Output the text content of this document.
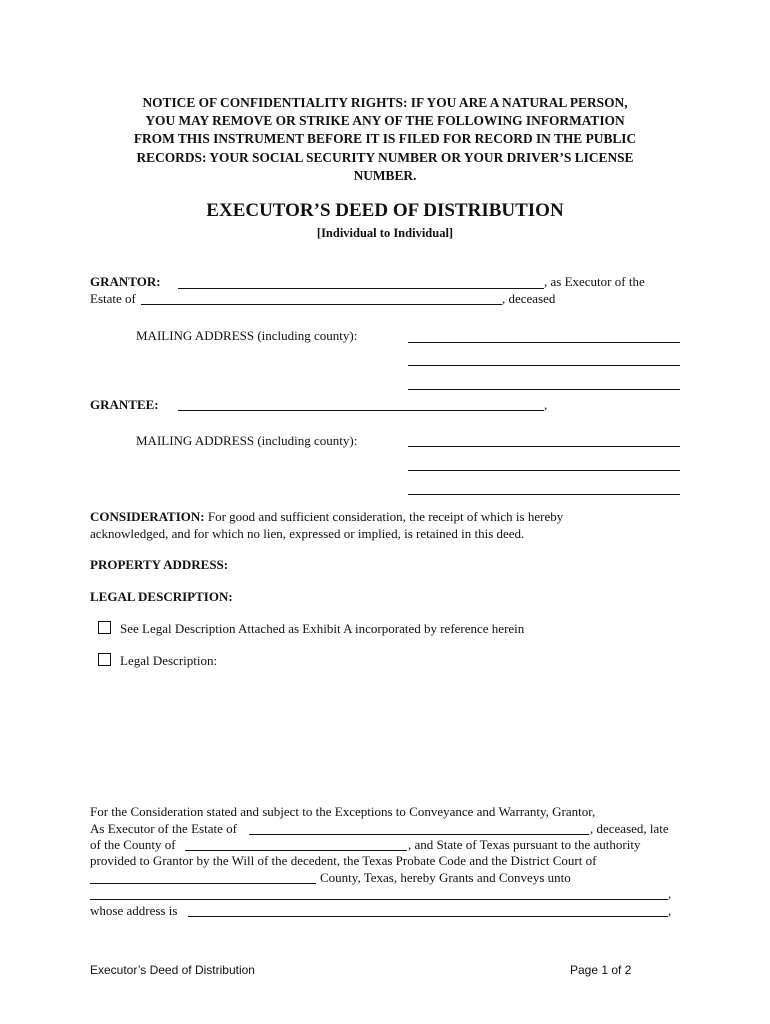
NOTICE OF CONFIDENTIALITY RIGHTS: IF YOU ARE A NATURAL PERSON,
YOU MAY REMOVE OR STRIKE ANY OF THE FOLLOWING INFORMATION
FROM THIS INSTRUMENT BEFORE IT IS FILED FOR RECORD IN THE PUBLIC
RECORDS: YOUR SOCIAL SECURITY NUMBER OR YOUR DRIVER’S LICENSE
NUMBER.
EXECUTOR’S DEED OF DISTRIBUTION
[Individual to Individual]
GRANTOR:	, as Executor of the
Estate of	, deceased
MAILING ADDRESS (including county):
GRANTEE:	,
MAILING ADDRESS (including county):
CONSIDERATION: For good and sufficient consideration, the receipt of which is hereby
acknowledged, and for which no lien, expressed or implied, is retained in this deed.
PROPERTY ADDRESS:
LEGAL DESCRIPTION:
See Legal Description Attached as Exhibit A incorporated by reference herein
Legal Description:
For the Consideration stated and subject to the Exceptions to Conveyance and Warranty, Grantor,
As Executor of the Estate of	, deceased, late
of the County of	, and State of Texas pursuant to the authority
provided to Grantor by the Will of the decedent, the Texas Probate Code and the District Court of
County, Texas, hereby Grants and Conveys unto
,
whose address is	,
Executor’s Deed of Distribution	Page 1 of 2
